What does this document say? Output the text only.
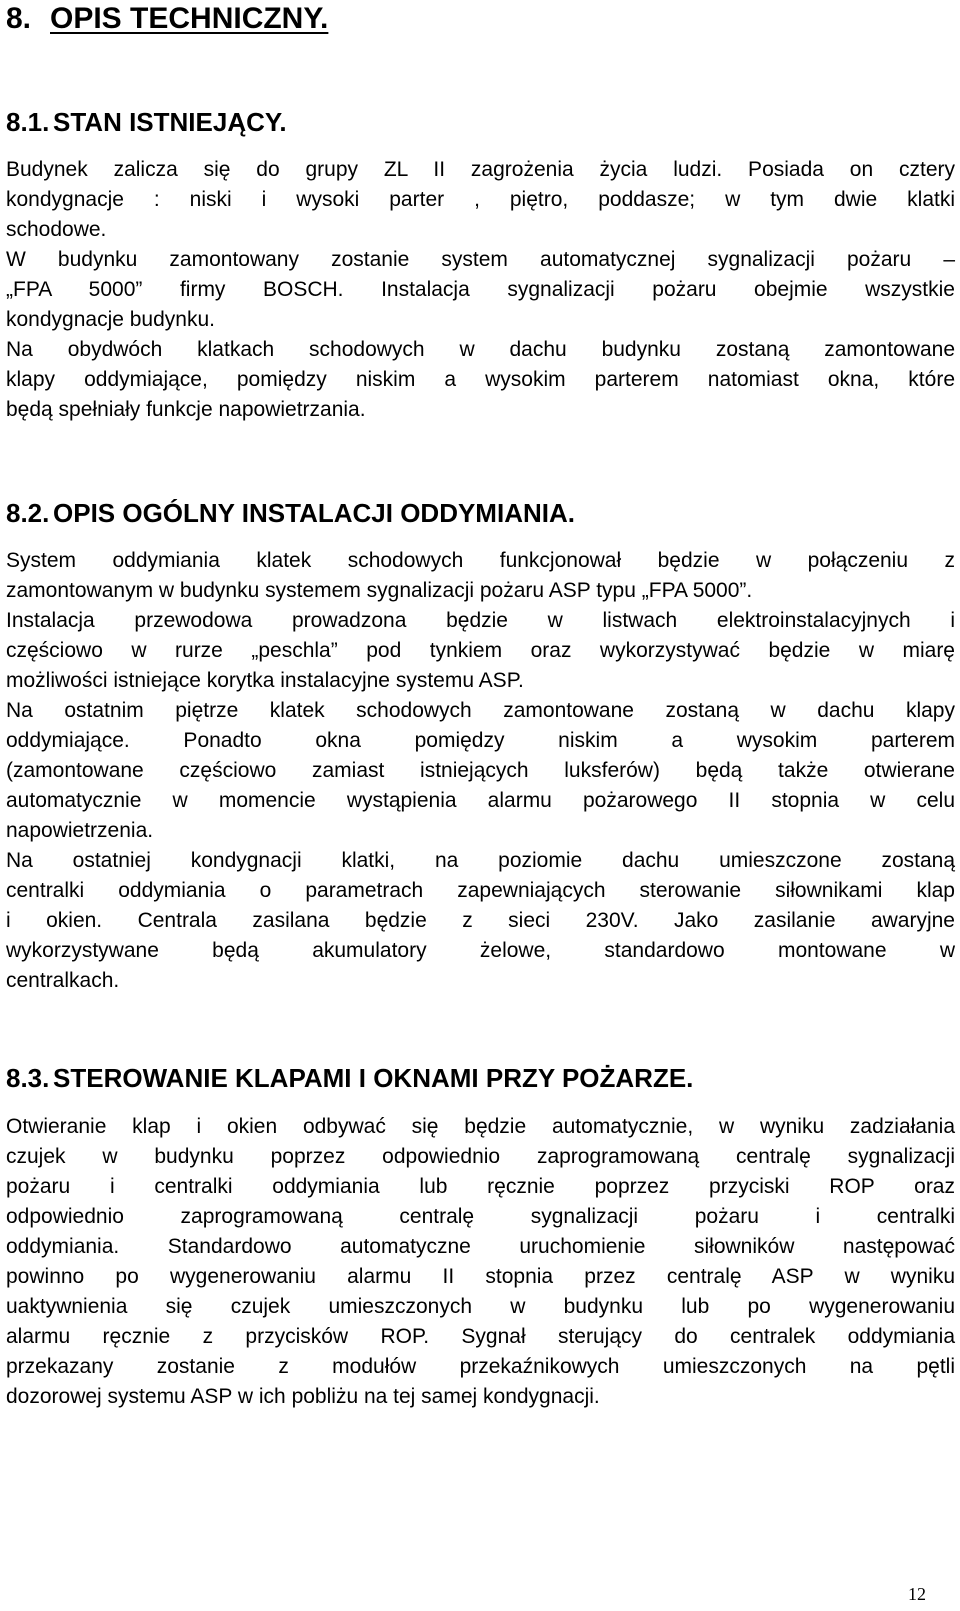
8. OPIS TECHNICZNY.
8.1. STAN ISTNIEJĄCY.

Budynek zalicza się do grupy ZL II zagrożenia życia ludzi. Posiada on cztery
kondygnacje : niski i wysoki parter , piętro, poddasze; w tym dwie klatki
schodowe.
W budynku zamontowany zostanie system automatycznej sygnalizacji pożaru –
„FPA 5000” firmy BOSCH. Instalacja sygnalizacji pożaru obejmie wszystkie
kondygnacje budynku.
Na obydwóch klatkach schodowych w dachu budynku zostaną zamontowane
klapy oddymiające, pomiędzy niskim a wysokim parterem natomiast okna, które
będą spełniały funkcje napowietrzania.

8.2. OPIS OGÓLNY INSTALACJI ODDYMIANIA.

System oddymiania klatek schodowych funkcjonował będzie w połączeniu z
zamontowanym w budynku systemem sygnalizacji pożaru ASP typu „FPA 5000”.
Instalacja przewodowa prowadzona będzie w listwach elektroinstalacyjnych i
częściowo w rurze „peschla” pod tynkiem oraz wykorzystywać będzie w miarę
możliwości istniejące korytka instalacyjne systemu ASP.
Na ostatnim piętrze klatek schodowych zamontowane zostaną w dachu klapy
oddymiające. Ponadto okna pomiędzy niskim a wysokim parterem
(zamontowane częściowo zamiast istniejących luksferów) będą także otwierane
automatycznie w momencie wystąpienia alarmu pożarowego II stopnia w celu
napowietrzenia.
Na ostatniej kondygnacji klatki, na poziomie dachu umieszczone zostaną
centralki oddymiania o parametrach zapewniających sterowanie siłownikami klap
i okien. Centrala zasilana będzie z sieci 230V. Jako zasilanie awaryjne
wykorzystywane będą akumulatory żelowe, standardowo montowane w
centralkach.

8.3. STEROWANIE KLAPAMI I OKNAMI PRZY POŻARZE.

Otwieranie klap i okien odbywać się będzie automatycznie, w wyniku zadziałania
czujek w budynku poprzez odpowiednio zaprogramowaną centralę sygnalizacji
pożaru i centralki oddymiania lub ręcznie poprzez przyciski ROP oraz
odpowiednio zaprogramowaną centralę sygnalizacji pożaru i centralki
oddymiania. Standardowo automatyczne uruchomienie siłowników następować
powinno po wygenerowaniu alarmu II stopnia przez centralę ASP w wyniku
uaktywnienia się czujek umieszczonych w budynku lub po wygenerowaniu
alarmu ręcznie z przycisków ROP. Sygnał sterujący do centralek oddymiania
przekazany zostanie z modułów przekaźnikowych umieszczonych na pętli
dozorowej systemu ASP w ich pobliżu na tej samej kondygnacji.

12
